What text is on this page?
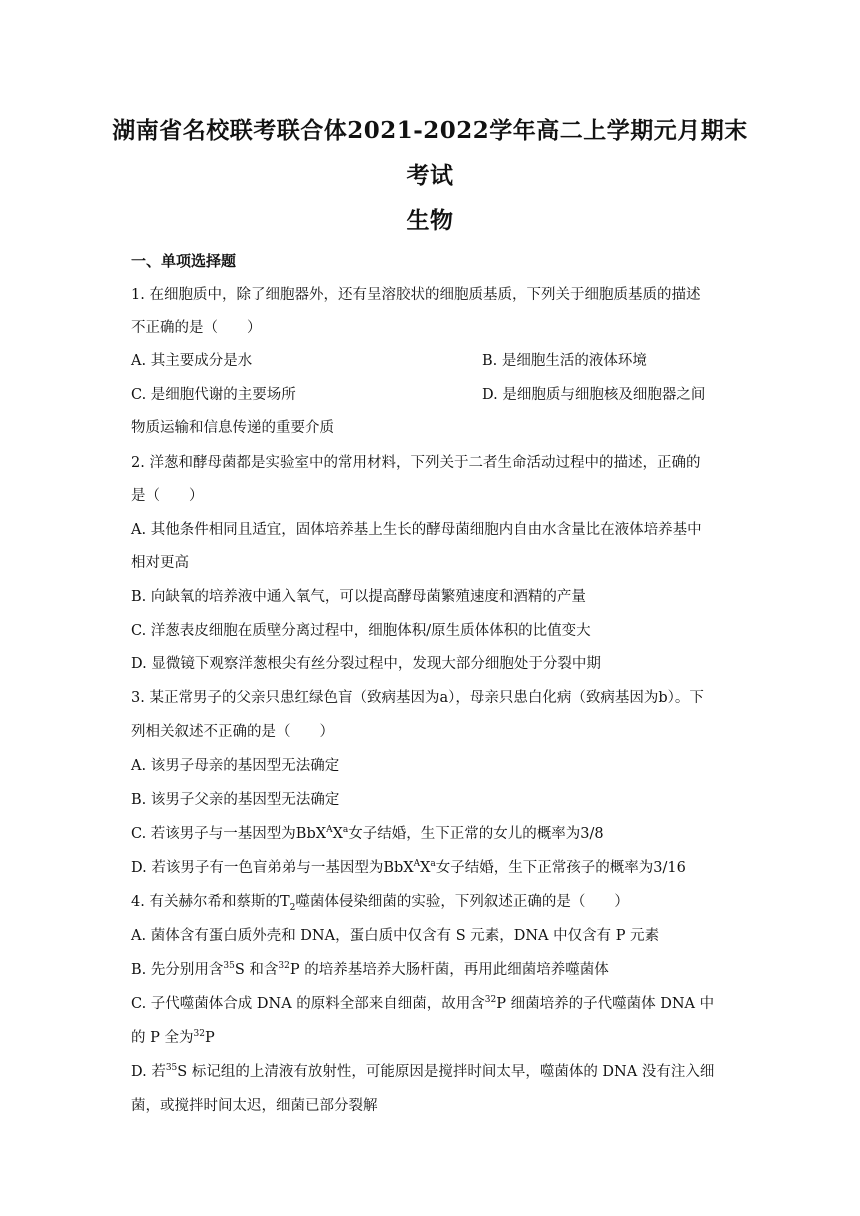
湖南省名校联考联合体2021-2022学年高二上学期元月期末
考试
生物
一、单项选择题
1. 在细胞质中，除了细胞器外，还有呈溶胶状的细胞质基质，下列关于细胞质基质的描述
不正确的是（　　）
A. 其主要成分是水	B. 是细胞生活的液体环境
C. 是细胞代谢的主要场所	D. 是细胞质与细胞核及细胞器之间
物质运输和信息传递的重要介质
2. 洋葱和酵母菌都是实验室中的常用材料，下列关于二者生命活动过程中的描述，正确的
是（　　）
A. 其他条件相同且适宜，固体培养基上生长的酵母菌细胞内自由水含量比在液体培养基中
相对更高
B. 向缺氧的培养液中通入氧气，可以提高酵母菌繁殖速度和酒精的产量
C. 洋葱表皮细胞在质壁分离过程中，细胞体积/原生质体体积的比值变大
D. 显微镜下观察洋葱根尖有丝分裂过程中，发现大部分细胞处于分裂中期
3. 某正常男子的父亲只患红绿色盲（致病基因为a），母亲只患白化病（致病基因为b）。下
列相关叙述不正确的是（　　）
A. 该男子母亲的基因型无法确定
B. 该男子父亲的基因型无法确定
C. 若该男子与一基因型为$BbX^AX^a$女子结婚，生下正常的女儿的概率为3/8
D. 若该男子有一色盲弟弟与一基因型为$BbX^AX^a$女子结婚，生下正常孩子的概率为3/16
4. 有关赫尔希和蔡斯的$T_2$噬菌体侵染细菌的实验，下列叙述正确的是（　　）
A. 菌体含有蛋白质外壳和 DNA，蛋白质中仅含有 S 元素，DNA 中仅含有 P 元素
B. 先分别用含$^{35}$S 和含$^{32}$P 的培养基培养大肠杆菌，再用此细菌培养噬菌体
C. 子代噬菌体合成 DNA 的原料全部来自细菌，故用含$^{32}$P 细菌培养的子代噬菌体 DNA 中
的 P 全为$^{32}$P
D. 若$^{35}$S 标记组的上清液有放射性，可能原因是搅拌时间太早，噬菌体的 DNA 没有注入细
菌，或搅拌时间太迟，细菌已部分裂解
